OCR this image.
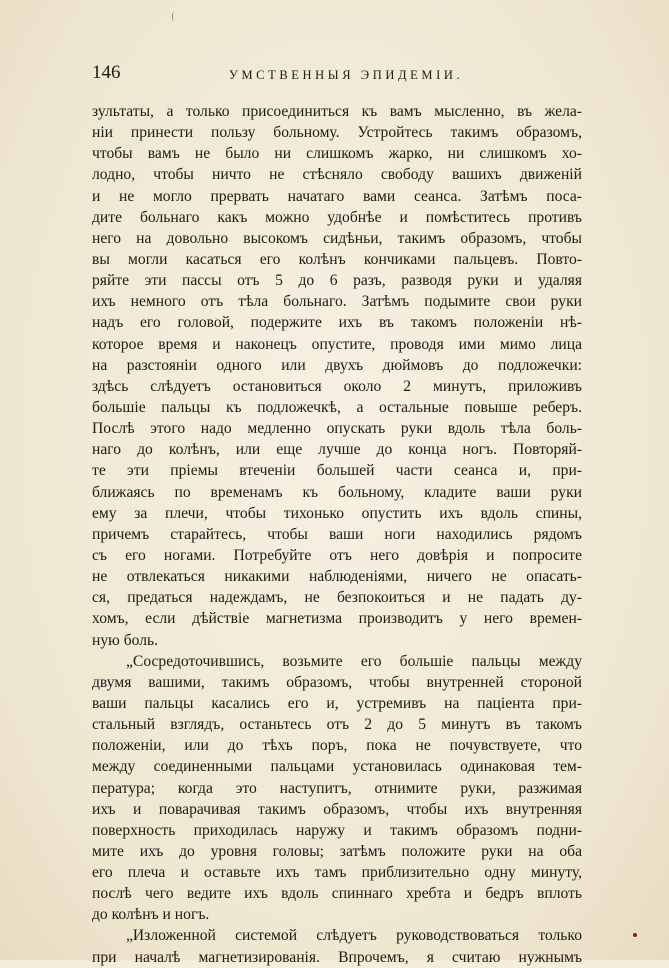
146	УМСТВЕННЫЯ ЭПИДЕМІИ.
зультаты, а только присоединиться къ вамъ мысленно, въ жела-
ніи принести пользу больному. Устройтесь такимъ образомъ,
чтобы вамъ не было ни слишкомъ жарко, ни слишкомъ хо-
лодно, чтобы ничто не стѣсняло свободу вашихъ движеній
и не могло прервать начатаго вами сеанса. Затѣмъ поса-
дите больнаго какъ можно удобнѣе и помѣститесь противъ
него на довольно высокомъ сидѣньи, такимъ образомъ, чтобы
вы могли касаться его колѣнъ кончиками пальцевъ. Повто-
ряйте эти пассы отъ 5 до 6 разъ, разводя руки и удаляя
ихъ немного отъ тѣла больнаго. Затѣмъ подымите свои руки
надъ его головой, подержите ихъ въ такомъ положеніи нѣ-
которое время и наконецъ опустите, проводя ими мимо лица
на разстояніи одного или двухъ дюймовъ до подложечки:
здѣсь слѣдуетъ остановиться около 2 минутъ, приложивъ
большіе пальцы къ подложечкѣ, а остальные повыше реберъ.
Послѣ этого надо медленно опускать руки вдоль тѣла боль-
наго до колѣнъ, или еще лучше до конца ногъ. Повторяй-
те эти пріемы втеченіи большей части сеанса и, при-
ближаясь по временамъ къ больному, кладите ваши руки
ему за плечи, чтобы тихонько опустить ихъ вдоль спины,
причемъ старайтесь, чтобы ваши ноги находились рядомъ
съ его ногами. Потребуйте отъ него довѣрія и попросите
не отвлекаться никакими наблюденіями, ничего не опасать-
ся, предаться надеждамъ, не безпокоиться и не падать ду-
хомъ, если дѣйствіе магнетизма производитъ у него времен-
ную боль.
„Сосредоточившись, возьмите его большіе пальцы между
двумя вашими, такимъ образомъ, чтобы внутренней стороной
ваши пальцы касались его и, устремивъ на паціента при-
стальный взглядъ, останьтесь отъ 2 до 5 минутъ въ такомъ
положеніи, или до тѣхъ поръ, пока не почувствуете, что
между соединенными пальцами установилась одинаковая тем-
пература; когда это наступитъ, отнимите руки, разжимая
ихъ и поварачивая такимъ образомъ, чтобы ихъ внутренняя
поверхность приходилась наружу и такимъ образомъ подни-
мите ихъ до уровня головы; затѣмъ положите руки на оба
его плеча и оставьте ихъ тамъ приблизительно одну минуту,
послѣ чего ведите ихъ вдоль спиннаго хребта и бедръ вплоть
до колѣнъ и ногъ.
„Изложенной системой слѣдуетъ руководствоваться только
при началѣ магнетизированія. Впрочемъ, я считаю нужнымъ
